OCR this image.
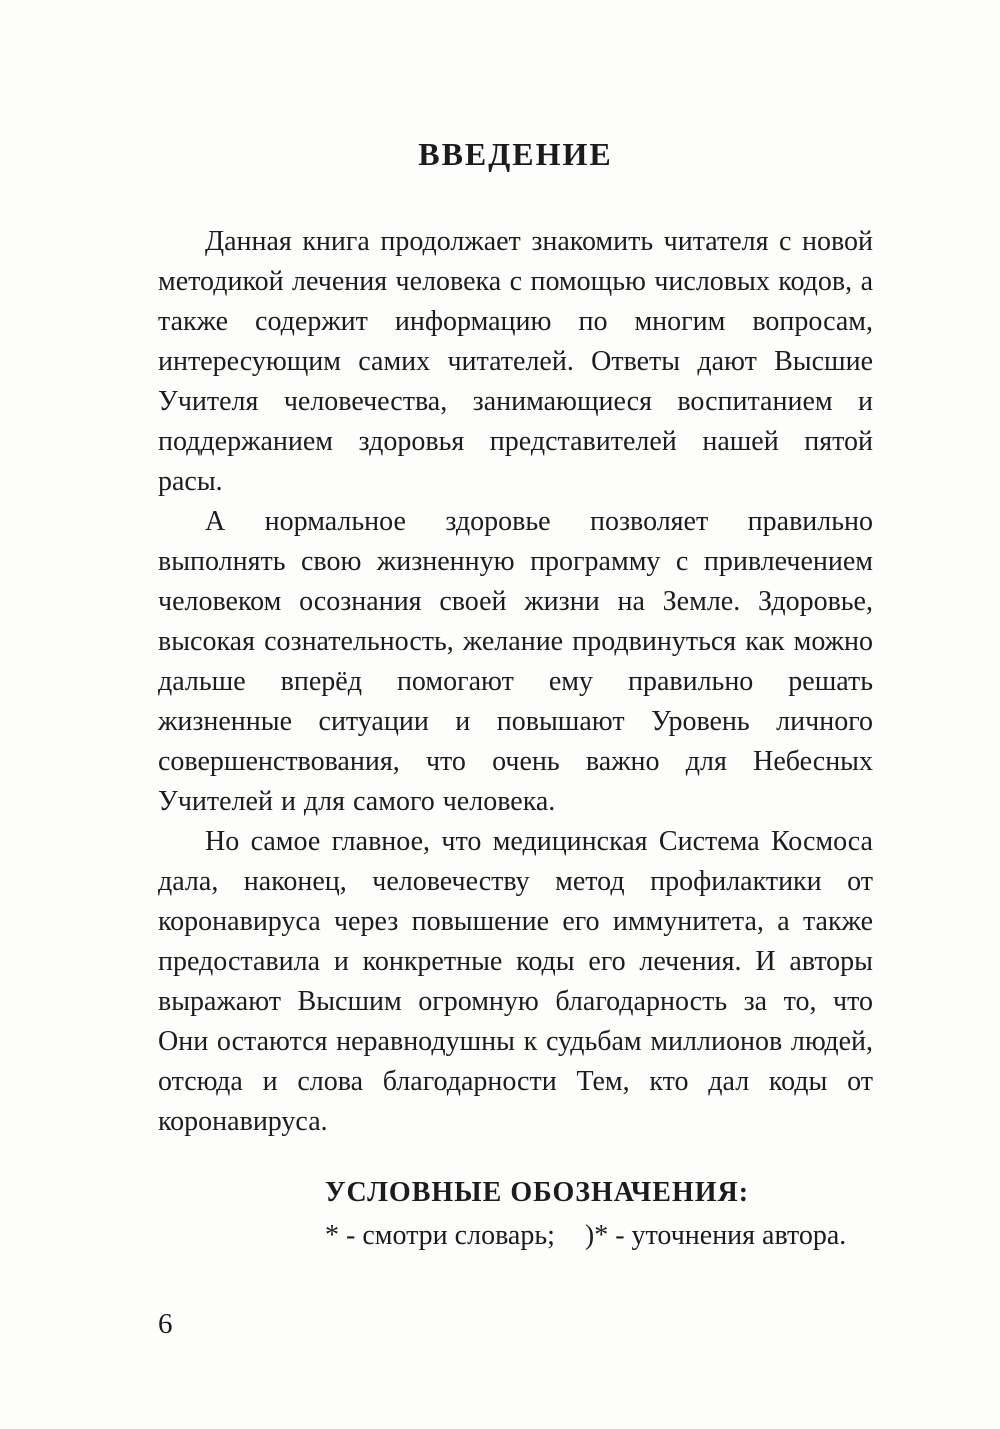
ВВЕДЕНИЕ

Данная книга продолжает знакомить читателя с новой методикой лечения человека с помощью числовых кодов, а также содержит информацию по многим вопросам, интересующим самих читателей. Ответы дают Высшие Учителя человечества, занимающиеся воспитанием и поддержанием здоровья представителей нашей пятой расы.

А нормальное здоровье позволяет правильно выполнять свою жизненную программу с привлечением человеком осознания своей жизни на Земле. Здоровье, высокая сознательность, желание продвинуться как можно дальше вперёд помогают ему правильно решать жизненные ситуации и повышают Уровень личного совершенствования, что очень важно для Небесных Учителей и для самого человека.

Но самое главное, что медицинская Система Космоса дала, наконец, человечеству метод профилактики от коронавируса через повышение его иммунитета, а также предоставила и конкретные коды его лечения. И авторы выражают Высшим огромную благодарность за то, что Они остаются неравнодушны к судьбам миллионов людей, отсюда и слова благодарности Тем, кто дал коды от коронавируса.

УСЛОВНЫЕ ОБОЗНАЧЕНИЯ:
* - смотри словарь; )* - уточнения автора.
6
